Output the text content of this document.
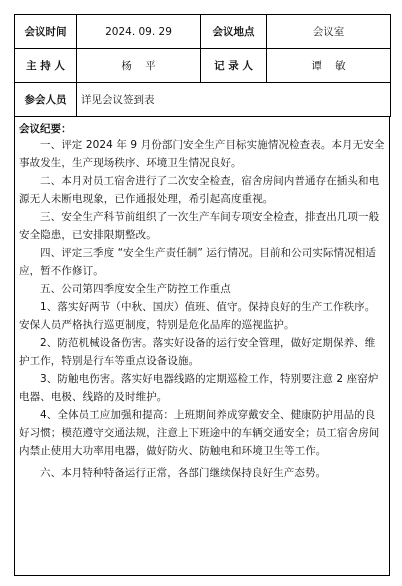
会议时间	2024. 09. 29	会议地点	会议室
主 持 人	杨    平	记 录 人	谭    敏
参会人员	详见会议签到表		
会议纪要：

一、评定 2024 年 9 月份部门安全生产目标实施情况检查表。本月无安全事故发生，生产现场秩序、环境卫生情况良好。

二、本月对员工宿舍进行了二次安全检查，宿舍房间内普通存在插头和电源无人未断电现象，已作通报处理，希引起高度重视。

三、安全生产科节前组织了一次生产车间专项安全检查，排查出几项一般安全隐患，已安排限期整改。

四、评定三季度 “安全生产责任制” 运行情况。目前和公司实际情况相适应，暂不作修订。

五、公司第四季度安全生产防控工作重点

1、落实好两节（中秋、国庆）值班、值守。保持良好的生产工作秩序。安保人员严格执行巡更制度，特别是危化品库的巡视监护。

2、防范机械设备伤害。落实好设备的运行安全管理，做好定期保养、维护工作，特别是行车等重点设备设施。

3、防触电伤害。落实好电器线路的定期巡检工作，特别要注意 2 座窑炉电器、电极、线路的及时维护。

4、全体员工应加强和提高：上班期间养成穿戴安全、健康防护用品的良好习惯；模范遵守交通法规，注意上下班途中的车辆交通安全；员工宿舍房间内禁止使用大功率用电器，做好防火、防触电和环境卫生等工作。

六、本月特种特备运行正常，各部门继续保持良好生产态势。
